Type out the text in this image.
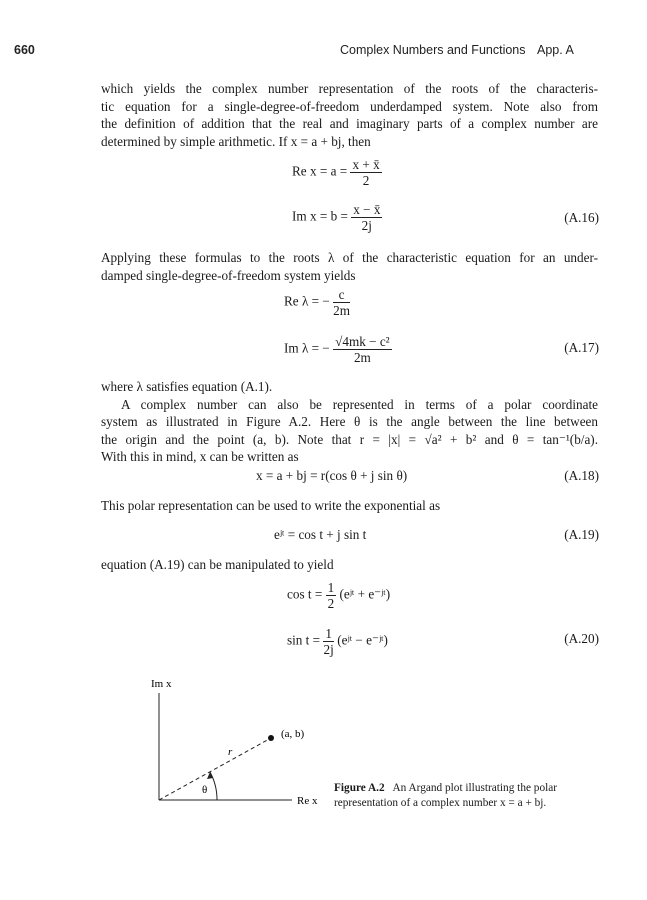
660	Complex Numbers and Functions App. A
which yields the complex number representation of the roots of the characteris-
tic equation for a single-degree-of-freedom underdamped system. Note also from
the definition of addition that the real and imaginary parts of a complex number are
determined by simple arithmetic. If x = a + bj, then
Re $x = a = \frac{x + x̄}{2}$
Im $x = b = \frac{x - x̄}{2j}$	(A.16)
Applying these formulas to the roots λ of the characteristic equation for an under-
damped single-degree-of-freedom system yields
Re λ = − $\frac{c}{2m}$
Im λ = − $\frac{\text{√4mk − c²}}{2m}$	(A.17)
where λ satisfies equation (A.1).
A complex number can also be represented in terms of a polar coordinate
system as illustrated in Figure A.2. Here θ is the angle between the line between
the origin and the point (a, b). Note that r = |x| = √a² + b² and θ = tan⁻¹(b/a).
With this in mind, x can be written as
x = a + bj = r(cos θ + j sin θ)	(A.18)
This polar representation can be used to write the exponential as
eʲᵗ = cos t + j sin t	(A.19)
equation (A.19) can be manipulated to yield
$\cos t = \frac{1}{2}$ (eʲᵗ + e⁻ʲᵗ)
$\sin t = \frac{1}{2j}$ (eʲᵗ − e⁻ʲᵗ)	(A.20)
Im x
Re x
(a, b)
r
θ	Figure A.2 An Argand plot illustrating the polar representation of a complex number x = a + bj.
